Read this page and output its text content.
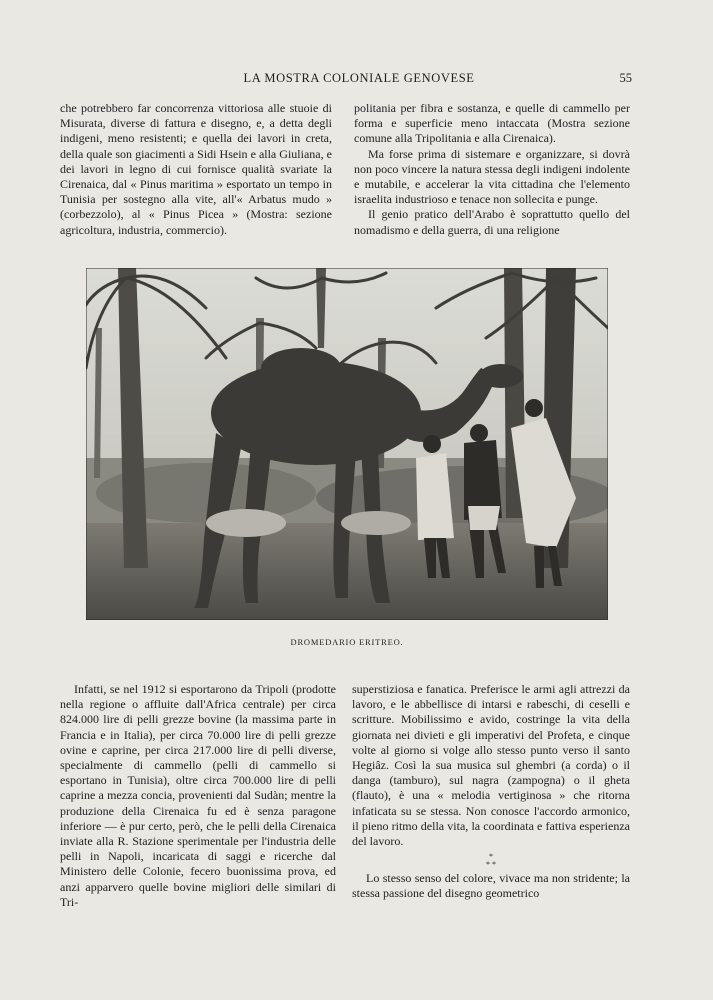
LA MOSTRA COLONIALE GENOVESE	55

che potrebbero far concorrenza vittoriosa alle stuoie di Misurata, diverse di fattura e disegno, e, a detta degli indigeni, meno resistenti; e quella dei lavori in creta, della quale son giacimenti a Sidi Hsein e alla Giuliana, e dei lavori in legno di cui fornisce qualità svariate la Cirenaica, dal « Pinus maritima » esportato un tempo in Tunisia per sostegno alla vite, all'« Arbatus mudo » (corbezzolo), al « Pinus Picea » (Mostra: sezione agricoltura, industria, commercio).

politania per fibra e sostanza, e quelle di cammello per forma e superficie meno intaccata (Mostra sezione comune alla Tripolitania e alla Cirenaica).

Ma forse prima di sistemare e organizzare, si dovrà non poco vincere la natura stessa degli indigeni indolente e mutabile, e accelerar la vita cittadina che l'elemento israelita industrioso e tenace non sollecita e punge.

Il genio pratico dell'Arabo è soprattutto quello del nomadismo e della guerra, di una religione

DROMEDARIO ERITREO.

Infatti, se nel 1912 si esportarono da Tripoli (prodotte nella regione o affluite dall'Africa centrale) per circa 824.000 lire di pelli grezze bovine (la massima parte in Francia e in Italia), per circa 70.000 lire di pelli grezze ovine e caprine, per circa 217.000 lire di pelli diverse, specialmente di cammello (pelli di cammello si esportano in Tunisia), oltre circa 700.000 lire di pelli caprine a mezza concia, provenienti dal Sudàn; mentre la produzione della Cirenaica fu ed è senza paragone inferiore — è pur certo, però, che le pelli della Cirenaica inviate alla R. Stazione sperimentale per l'industria delle pelli in Napoli, incaricata di saggi e ricerche dal Ministero delle Colonie, fecero buonissima prova, ed anzi apparvero quelle bovine migliori delle similari di Tri-

superstiziosa e fanatica. Preferisce le armi agli attrezzi da lavoro, e le abbellisce di intarsi e rabeschi, di ceselli e scritture. Mobilissimo e avido, costringe la vita della giornata nei divieti e gli imperativi del Profeta, e cinque volte al giorno si volge allo stesso punto verso il santo Hegiâz. Così la sua musica sul ghembri (a corda) o il danga (tamburo), sul nagra (zampogna) o il gheta (flauto), è una « melodia vertiginosa » che ritorna infaticata su se stessa. Non conosce l'accordo armonico, il pieno ritmo della vita, la coordinata e fattiva esperienza del lavoro.

*
* *

Lo stesso senso del colore, vivace ma non stridente; la stessa passione del disegno geometrico
